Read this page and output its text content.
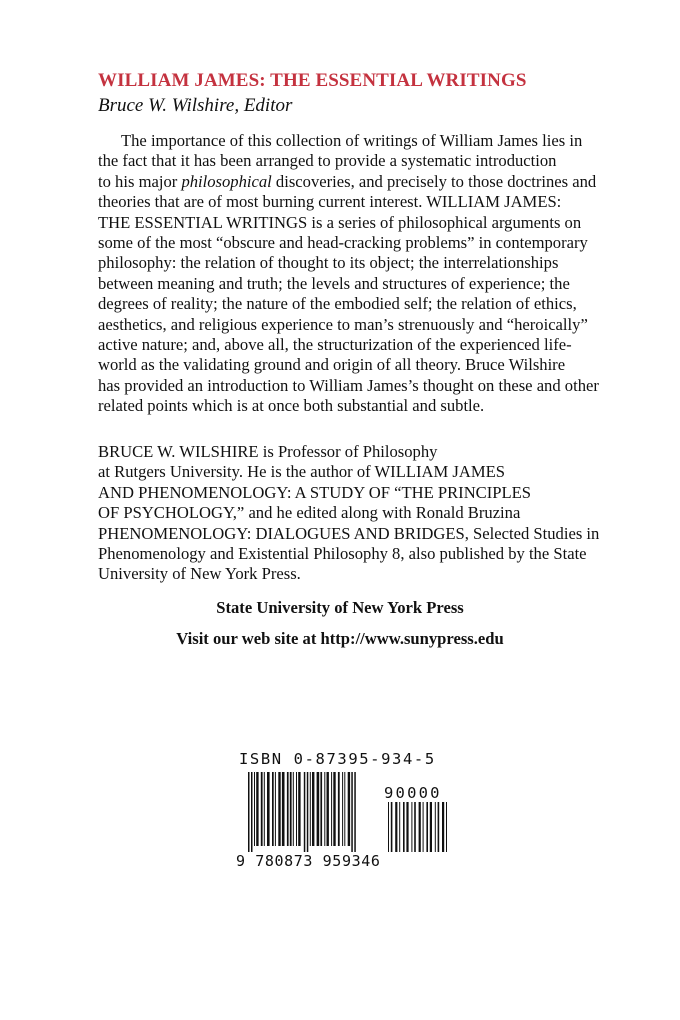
WILLIAM JAMES: THE ESSENTIAL WRITINGS
Bruce W. Wilshire, Editor
The importance of this collection of writings of William James lies in
the fact that it has been arranged to provide a systematic introduction
to his major philosophical discoveries, and precisely to those doctrines and
theories that are of most burning current interest. WILLIAM JAMES:
THE ESSENTIAL WRITINGS is a series of philosophical arguments on
some of the most “obscure and head-cracking problems” in contemporary
philosophy: the relation of thought to its object; the interrelationships
between meaning and truth; the levels and structures of experience; the
degrees of reality; the nature of the embodied self; the relation of ethics,
aesthetics, and religious experience to man’s strenuously and “heroically”
active nature; and, above all, the structurization of the experienced life-
world as the validating ground and origin of all theory. Bruce Wilshire
has provided an introduction to William James’s thought on these and other
related points which is at once both substantial and subtle.
BRUCE W. WILSHIRE is Professor of Philosophy
at Rutgers University. He is the author of WILLIAM JAMES
AND PHENOMENOLOGY: A STUDY OF “THE PRINCIPLES
OF PSYCHOLOGY,” and he edited along with Ronald Bruzina
PHENOMENOLOGY: DIALOGUES AND BRIDGES, Selected Studies in
Phenomenology and Existential Philosophy 8, also published by the State
University of New York Press.

State University of New York Press

Visit our web site at http://www.sunypress.edu

ISBN 0-87395-934-5
90000
9 780873 959346
